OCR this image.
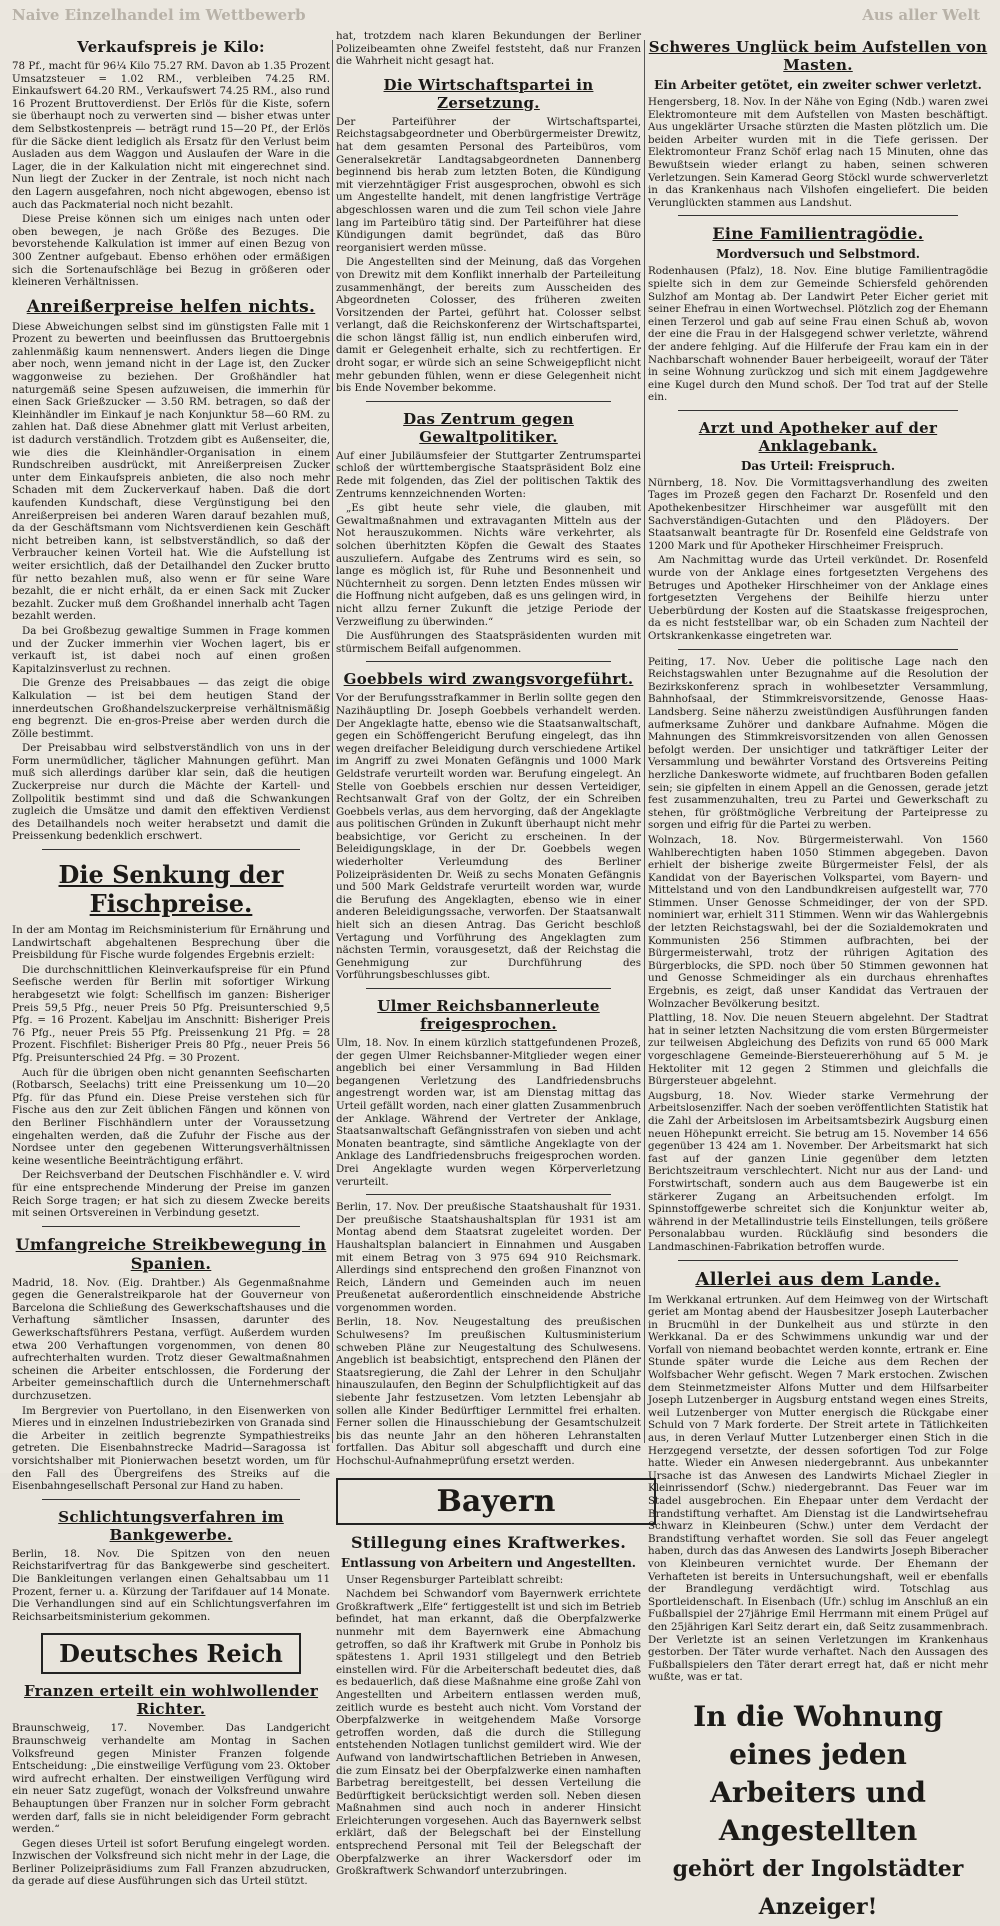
Naive Einzelhandel im Wettbewerb	Aus aller Welt
Verkaufspreis je Kilo:

78 Pf., macht für 96¼ Kilo 75.27 RM. Davon ab 1.35 Prozent Umsatzsteuer = 1.02 RM., verbleiben 74.25 RM. Einkaufswert 64.20 RM., Verkaufswert 74.25 RM., also rund 16 Prozent Bruttoverdienst. Der Erlös für die Kiste, sofern sie überhaupt noch zu verwerten sind — bisher etwas unter dem Selbstkostenpreis — beträgt rund 15—20 Pf., der Erlös für die Säcke dient lediglich als Ersatz für den Verlust beim Ausladen aus dem Waggon und Auslaufen der Ware in die Lager, die in der Kalkulation nicht mit eingerechnet sind. Nun liegt der Zucker in der Zentrale, ist noch nicht nach den Lagern ausgefahren, noch nicht abgewogen, ebenso ist auch das Packmaterial noch nicht bezahlt.

Diese Preise können sich um einiges nach unten oder oben bewegen, je nach Größe des Bezuges. Die bevorstehende Kalkulation ist immer auf einen Bezug von 300 Zentner aufgebaut. Ebenso erhöhen oder ermäßigen sich die Sortenaufschläge bei Bezug in größeren oder kleineren Verhältnissen.

Anreißerpreise helfen nichts.

Diese Abweichungen selbst sind im günstigsten Falle mit 1 Prozent zu bewerten und beeinflussen das Bruttoergebnis zahlenmäßig kaum nennenswert. Anders liegen die Dinge aber noch, wenn jemand nicht in der Lage ist, den Zucker waggonweise zu beziehen. Der Großhändler hat naturgemäß seine Spesen aufzuweisen, die immerhin für einen Sack Grießzucker — 3.50 RM. betragen, so daß der Kleinhändler im Einkauf je nach Konjunktur 58—60 RM. zu zahlen hat. Daß diese Abnehmer glatt mit Verlust arbeiten, ist dadurch verständlich. Trotzdem gibt es Außenseiter, die, wie dies die Kleinhändler-Organisation in einem Rundschreiben ausdrückt, mit Anreißerpreisen Zucker unter dem Einkaufspreis anbieten, die also noch mehr Schaden mit dem Zuckerverkauf haben. Daß die dort kaufenden Kundschaft, diese Vergünstigung bei den Anreißerpreisen bei anderen Waren darauf bezahlen muß, da der Geschäftsmann vom Nichtsverdienen kein Geschäft nicht betreiben kann, ist selbstverständlich, so daß der Verbraucher keinen Vorteil hat. Wie die Aufstellung ist weiter ersichtlich, daß der Detailhandel den Zucker brutto für netto bezahlen muß, also wenn er für seine Ware bezahlt, die er nicht erhält, da er einen Sack mit Zucker bezahlt. Zucker muß dem Großhandel innerhalb acht Tagen bezahlt werden.

Da bei Großbezug gewaltige Summen in Frage kommen und der Zucker immerhin vier Wochen lagert, bis er verkauft ist, ist dabei noch auf einen großen Kapitalzinsverlust zu rechnen.

Die Grenze des Preisabbaues — das zeigt die obige Kalkulation — ist bei dem heutigen Stand der innerdeutschen Großhandelszuckerpreise verhältnismäßig eng begrenzt. Die en-gros-Preise aber werden durch die Zölle bestimmt.

Der Preisabbau wird selbstverständlich von uns in der Form unermüdlicher, täglicher Mahnungen geführt. Man muß sich allerdings darüber klar sein, daß die heutigen Zuckerpreise nur durch die Mächte der Kartell- und Zollpolitik bestimmt sind und daß die Schwankungen zugleich die Umsätze und damit den effektiven Verdienst des Detailhandels noch weiter herabsetzt und damit die Preissenkung bedenklich erschwert.

Die Senkung der Fischpreise.

In der am Montag im Reichsministerium für Ernährung und Landwirtschaft abgehaltenen Besprechung über die Preisbildung für Fische wurde folgendes Ergebnis erzielt:

Die durchschnittlichen Kleinverkaufspreise für ein Pfund Seefische werden für Berlin mit sofortiger Wirkung herabgesetzt wie folgt: Schellfisch im ganzen: Bisheriger Preis 59,5 Pfg., neuer Preis 50 Pfg. Preisunterschied 9,5 Pfg. = 16 Prozent. Kabeljau im Anschnitt: Bisheriger Preis 76 Pfg., neuer Preis 55 Pfg. Preissenkung 21 Pfg. = 28 Prozent. Fischfilet: Bisheriger Preis 80 Pfg., neuer Preis 56 Pfg. Preisunterschied 24 Pfg. = 30 Prozent.

Auch für die übrigen oben nicht genannten Seefischarten (Rotbarsch, Seelachs) tritt eine Preissenkung um 10—20 Pfg. für das Pfund ein. Diese Preise verstehen sich für Fische aus den zur Zeit üblichen Fängen und können von den Berliner Fischhändlern unter der Voraussetzung eingehalten werden, daß die Zufuhr der Fische aus der Nordsee unter den gegebenen Witterungsverhältnissen keine wesentliche Beeinträchtigung erfährt.

Der Reichsverband der Deutschen Fischhändler e. V. wird für eine entsprechende Minderung der Preise im ganzen Reich Sorge tragen; er hat sich zu diesem Zwecke bereits mit seinen Ortsvereinen in Verbindung gesetzt.

Umfangreiche Streikbewegung in Spanien.

Madrid, 18. Nov. (Eig. Drahtber.) Als Gegenmaßnahme gegen die Generalstreikparole hat der Gouverneur von Barcelona die Schließung des Gewerkschaftshauses und die Verhaftung sämtlicher Insassen, darunter des Gewerkschaftsführers Pestana, verfügt. Außerdem wurden etwa 200 Verhaftungen vorgenommen, von denen 80 aufrechterhalten wurden. Trotz dieser Gewaltmaßnahmen scheinen die Arbeiter entschlossen, die Forderung der Arbeiter gemeinschaftlich durch die Unternehmerschaft durchzusetzen.

Im Bergrevier von Puertollano, in den Eisenwerken von Mieres und in einzelnen Industriebezirken von Granada sind die Arbeiter in zeitlich begrenzte Sympathiestreiks getreten. Die Eisenbahnstrecke Madrid—Saragossa ist vorsichtshalber mit Pionierwachen besetzt worden, um für den Fall des Übergreifens des Streiks auf die Eisenbahngesellschaft Personal zur Hand zu haben.

Schlichtungsverfahren im Bankgewerbe.

Berlin, 18. Nov. Die Spitzen von den neuen Reichstarifvertrag für das Bankgewerbe sind gescheitert. Die Bankleitungen verlangen einen Gehaltsabbau um 11 Prozent, ferner u. a. Kürzung der Tarifdauer auf 14 Monate. Die Verhandlungen sind auf ein Schlichtungsverfahren im Reichsarbeitsministerium gekommen.

Deutsches Reich
Franzen erteilt ein wohlwollender Richter.

Braunschweig, 17. November. Das Landgericht Braunschweig verhandelte am Montag in Sachen Volksfreund gegen Minister Franzen folgende Entscheidung: „Die einstweilige Verfügung vom 23. Oktober wird aufrecht erhalten. Der einstweiligen Verfügung wird ein neuer Satz zugefügt, wonach der Volksfreund unwahre Behauptungen über Franzen nur in solcher Form gebracht werden darf, falls sie in nicht beleidigender Form gebracht werden.“

Gegen dieses Urteil ist sofort Berufung eingelegt worden. Inzwischen der Volksfreund sich nicht mehr in der Lage, die Berliner Polizeipräsidiums zum Fall Franzen abzudrucken, da gerade auf diese Ausführungen sich das Urteil stützt.

hat, trotzdem nach klaren Bekundungen der Berliner Polizeibeamten ohne Zweifel feststeht, daß nur Franzen die Wahrheit nicht gesagt hat.

Die Wirtschaftspartei in Zersetzung.

Der Parteiführer der Wirtschaftspartei, Reichstagsabgeordneter und Oberbürgermeister Drewitz, hat dem gesamten Personal des Parteibüros, vom Generalsekretär Landtagsabgeordneten Dannenberg beginnend bis herab zum letzten Boten, die Kündigung mit vierzehntägiger Frist ausgesprochen, obwohl es sich um Angestellte handelt, mit denen langfristige Verträge abgeschlossen waren und die zum Teil schon viele Jahre lang im Parteibüro tätig sind. Der Parteiführer hat diese Kündigungen damit begründet, daß das Büro reorganisiert werden müsse.

Die Angestellten sind der Meinung, daß das Vorgehen von Drewitz mit dem Konflikt innerhalb der Parteileitung zusammenhängt, der bereits zum Ausscheiden des Abgeordneten Colosser, des früheren zweiten Vorsitzenden der Partei, geführt hat. Colosser selbst verlangt, daß die Reichskonferenz der Wirtschaftspartei, die schon längst fällig ist, nun endlich einberufen wird, damit er Gelegenheit erhalte, sich zu rechtfertigen. Er droht sogar, er würde sich an seine Schweigepflicht nicht mehr gebunden fühlen, wenn er diese Gelegenheit nicht bis Ende November bekomme.

Das Zentrum gegen Gewaltpolitiker.

Auf einer Jubiläumsfeier der Stuttgarter Zentrumspartei schloß der württembergische Staatspräsident Bolz eine Rede mit folgenden, das Ziel der politischen Taktik des Zentrums kennzeichnenden Worten:

„Es gibt heute sehr viele, die glauben, mit Gewaltmaßnahmen und extravaganten Mitteln aus der Not herauszukommen. Nichts wäre verkehrter, als solchen überhitzten Köpfen die Gewalt des Staates auszuliefern. Aufgabe des Zentrums wird es sein, so lange es möglich ist, für Ruhe und Besonnenheit und Nüchternheit zu sorgen. Denn letzten Endes müssen wir die Hoffnung nicht aufgeben, daß es uns gelingen wird, in nicht allzu ferner Zukunft die jetzige Periode der Verzweiflung zu überwinden.“

Die Ausführungen des Staatspräsidenten wurden mit stürmischem Beifall aufgenommen.

Goebbels wird zwangsvorgeführt.

Vor der Berufungsstrafkammer in Berlin sollte gegen den Nazihäuptling Dr. Joseph Goebbels verhandelt werden. Der Angeklagte hatte, ebenso wie die Staatsanwaltschaft, gegen ein Schöffengericht Berufung eingelegt, das ihn wegen dreifacher Beleidigung durch verschiedene Artikel im Angriff zu zwei Monaten Gefängnis und 1000 Mark Geldstrafe verurteilt worden war. Berufung eingelegt. An Stelle von Goebbels erschien nur dessen Verteidiger, Rechtsanwalt Graf von der Goltz, der ein Schreiben Goebbels verlas, aus dem hervorging, daß der Angeklagte aus politischen Gründen in Zukunft überhaupt nicht mehr beabsichtige, vor Gericht zu erscheinen. In der Beleidigungsklage, in der Dr. Goebbels wegen wiederholter Verleumdung des Berliner Polizeipräsidenten Dr. Weiß zu sechs Monaten Gefängnis und 500 Mark Geldstrafe verurteilt worden war, wurde die Berufung des Angeklagten, ebenso wie in einer anderen Beleidigungssache, verworfen. Der Staatsanwalt hielt sich an diesen Antrag. Das Gericht beschloß Vertagung und Vorführung des Angeklagten zum nächsten Termin, vorausgesetzt, daß der Reichstag die Genehmigung zur Durchführung des Vorführungsbeschlusses gibt.

Ulmer Reichsbannerleute freigesprochen.

Ulm, 18. Nov. In einem kürzlich stattgefundenen Prozeß, der gegen Ulmer Reichsbanner-Mitglieder wegen einer angeblich bei einer Versammlung in Bad Hilden begangenen Verletzung des Landfriedensbruchs angestrengt worden war, ist am Dienstag mittag das Urteil gefällt worden, nach einer glatten Zusammenbruch der Anklage. Während der Vertreter der Anklage, Staatsanwaltschaft Gefängnisstrafen von sieben und acht Monaten beantragte, sind sämtliche Angeklagte von der Anklage des Landfriedensbruchs freigesprochen worden. Drei Angeklagte wurden wegen Körperverletzung verurteilt.

Berlin, 17. Nov. Der preußische Staatshaushalt für 1931. Der preußische Staatshaushaltsplan für 1931 ist am Montag abend dem Staatsrat zugeleitet worden. Der Haushaltsplan balanciert in Einnahmen und Ausgaben mit einem Betrag von 3 975 694 910 Reichsmark. Allerdings sind entsprechend den großen Finanznot von Reich, Ländern und Gemeinden auch im neuen Preußenetat außerordentlich einschneidende Abstriche vorgenommen worden.

Berlin, 18. Nov. Neugestaltung des preußischen Schulwesens? Im preußischen Kultusministerium schweben Pläne zur Neugestaltung des Schulwesens. Angeblich ist beabsichtigt, entsprechend den Plänen der Staatsregierung, die Zahl der Lehrer in den Schuljahr hinauszulaufen, den Beginn der Schulpflichtigkeit auf das siebente Jahr festzusetzen. Vom letzten Lebensjahr ab sollen alle Kinder Bedürftiger Lernmittel frei erhalten. Ferner sollen die Hinausschiebung der Gesamtschulzeit bis das neunte Jahr an den höheren Lehranstalten fortfallen. Das Abitur soll abgeschafft und durch eine Hochschul-Aufnahmeprüfung ersetzt werden.

Bayern
Stillegung eines Kraftwerkes.
Entlassung von Arbeitern und Angestellten.

Unser Regensburger Parteiblatt schreibt:

Nachdem bei Schwandorf vom Bayernwerk errichtete Großkraftwerk „Elfe“ fertiggestellt ist und sich im Betrieb befindet, hat man erkannt, daß die Oberpfalzwerke nunmehr mit dem Bayernwerk eine Abmachung getroffen, so daß ihr Kraftwerk mit Grube in Ponholz bis spätestens 1. April 1931 stillgelegt und den Betrieb einstellen wird. Für die Arbeiterschaft bedeutet dies, daß es bedauerlich, daß diese Maßnahme eine große Zahl von Angestellten und Arbeitern entlassen werden muß, zeitlich wurde es besteht auch nicht. Vom Vorstand der Oberpfalzwerke in weitgehendem Maße Vorsorge getroffen worden, daß die durch die Stillegung entstehenden Notlagen tunlichst gemildert wird. Wie der Aufwand von landwirtschaftlichen Betrieben in Anwesen, die zum Einsatz bei der Oberpfalzwerke einen namhaften Barbetrag bereitgestellt, bei dessen Verteilung die Bedürftigkeit berücksichtigt werden soll. Neben diesen Maßnahmen sind auch noch in anderer Hinsicht Erleichterungen vorgesehen. Auch das Bayernwerk selbst erklärt, daß der Belegschaft bei der Einstellung entsprechend Personal mit Teil der Belegschaft der Oberpfalzwerke an ihrer Wackersdorf oder im Großkraftwerk Schwandorf unterzubringen.

Schweres Unglück beim Aufstellen von Masten.
Ein Arbeiter getötet, ein zweiter schwer verletzt.

Hengersberg, 18. Nov. In der Nähe von Eging (Ndb.) waren zwei Elektromonteure mit dem Aufstellen von Masten beschäftigt. Aus ungeklärter Ursache stürzten die Masten plötzlich um. Die beiden Arbeiter wurden mit in die Tiefe gerissen. Der Elektromonteur Franz Schöf erlag nach 15 Minuten, ohne das Bewußtsein wieder erlangt zu haben, seinen schweren Verletzungen. Sein Kamerad Georg Stöckl wurde schwerverletzt in das Krankenhaus nach Vilshofen eingeliefert. Die beiden Verunglückten stammen aus Landshut.

Eine Familientragödie.
Mordversuch und Selbstmord.

Rodenhausen (Pfalz), 18. Nov. Eine blutige Familientragödie spielte sich in dem zur Gemeinde Schiersfeld gehörenden Sulzhof am Montag ab. Der Landwirt Peter Eicher geriet mit seiner Ehefrau in einen Wortwechsel. Plötzlich zog der Ehemann einen Terzerol und gab auf seine Frau einen Schuß ab, wovon der eine die Frau in der Halsgegend schwer verletzte, während der andere fehlging. Auf die Hilferufe der Frau kam ein in der Nachbarschaft wohnender Bauer herbeigeeilt, worauf der Täter in seine Wohnung zurückzog und sich mit einem Jagdgewehre eine Kugel durch den Mund schoß. Der Tod trat auf der Stelle ein.

Arzt und Apotheker auf der Anklagebank.
Das Urteil: Freispruch.

Nürnberg, 18. Nov. Die Vormittagsverhandlung des zweiten Tages im Prozeß gegen den Facharzt Dr. Rosenfeld und den Apothekenbesitzer Hirschheimer war ausgefüllt mit den Sachverständigen-Gutachten und den Plädoyers. Der Staatsanwalt beantragte für Dr. Rosenfeld eine Geldstrafe von 1200 Mark und für Apotheker Hirschheimer Freispruch.

Am Nachmittag wurde das Urteil verkündet. Dr. Rosenfeld wurde von der Anklage eines fortgesetzten Vergehens des Betruges und Apotheker Hirschheimer von der Anklage eines fortgesetzten Vergehens der Beihilfe hierzu unter Ueberbürdung der Kosten auf die Staatskasse freigesprochen, da es nicht feststellbar war, ob ein Schaden zum Nachteil der Ortskrankenkasse eingetreten war.

Peiting, 17. Nov. Ueber die politische Lage nach den Reichstagswahlen unter Bezugnahme auf die Resolution der Bezirkskonferenz sprach in wohlbesetzter Versammlung, Bahnhofsaal, der Stimmkreisvorsitzende, Genosse Haas-Landsberg. Seine näherzu zweistündigen Ausführungen fanden aufmerksame Zuhörer und dankbare Aufnahme. Mögen die Mahnungen des Stimmkreisvorsitzenden von allen Genossen befolgt werden. Der unsichtiger und tatkräftiger Leiter der Versammlung und bewährter Vorstand des Ortsvereins Peiting herzliche Dankesworte widmete, auf fruchtbaren Boden gefallen sein; sie gipfelten in einem Appell an die Genossen, gerade jetzt fest zusammenzuhalten, treu zu Partei und Gewerkschaft zu stehen, für größtmögliche Verbreitung der Parteipresse zu sorgen und eifrig für die Partei zu werben.

Wolnzach, 18. Nov. Bürgermeisterwahl. Von 1560 Wahlberechtigten haben 1050 Stimmen abgegeben. Davon erhielt der bisherige zweite Bürgermeister Felsl, der als Kandidat von der Bayerischen Volkspartei, vom Bayern- und Mittelstand und von den Landbundkreisen aufgestellt war, 770 Stimmen. Unser Genosse Schmeidinger, der von der SPD. nominiert war, erhielt 311 Stimmen. Wenn wir das Wahlergebnis der letzten Reichstagswahl, bei der die Sozialdemokraten und Kommunisten 256 Stimmen aufbrachten, bei der Bürgermeisterwahl, trotz der rührigen Agitation des Bürgerblocks, die SPD. noch über 50 Stimmen gewonnen hat und Genosse Schmeidinger als ein durchaus ehrenhaftes Ergebnis, es zeigt, daß unser Kandidat das Vertrauen der Wolnzacher Bevölkerung besitzt.

Plattling, 18. Nov. Die neuen Steuern abgelehnt. Der Stadtrat hat in seiner letzten Nachsitzung die vom ersten Bürgermeister zur teilweisen Abgleichung des Defizits von rund 65 000 Mark vorgeschlagene Gemeinde-Biersteuererhöhung auf 5 M. je Hektoliter mit 12 gegen 2 Stimmen und gleichfalls die Bürgersteuer abgelehnt.

Augsburg, 18. Nov. Wieder starke Vermehrung der Arbeitslosenziffer. Nach der soeben veröffentlichten Statistik hat die Zahl der Arbeitslosen im Arbeitsamtsbezirk Augsburg einen neuen Höhepunkt erreicht. Sie betrug am 15. November 14 656 gegenüber 13 424 am 1. November. Der Arbeitsmarkt hat sich fast auf der ganzen Linie gegenüber dem letzten Berichtszeitraum verschlechtert. Nicht nur aus der Land- und Forstwirtschaft, sondern auch aus dem Baugewerbe ist ein stärkerer Zugang an Arbeitsuchenden erfolgt. Im Spinnstoffgewerbe schreitet sich die Konjunktur weiter ab, während in der Metallindustrie teils Einstellungen, teils größere Personalabbau wurden. Rückläufig sind besonders die Landmaschinen-Fabrikation betroffen wurde.

Allerlei aus dem Lande.

Im Werkkanal ertrunken. Auf dem Heimweg von der Wirtschaft geriet am Montag abend der Hausbesitzer Joseph Lauterbacher in Brucmühl in der Dunkelheit aus und stürzte in den Werkkanal. Da er des Schwimmens unkundig war und der Vorfall von niemand beobachtet werden konnte, ertrank er. Eine Stunde später wurde die Leiche aus dem Rechen der Wolfsbacher Wehr gefischt. Wegen 7 Mark erstochen. Zwischen dem Steinmetzmeister Alfons Mutter und dem Hilfsarbeiter Joseph Lutzenberger in Augsburg entstand wegen eines Streits, weil Lutzenberger von Mutter energisch die Rückgabe einer Schuld von 7 Mark forderte. Der Streit artete in Tätlichkeiten aus, in deren Verlauf Mutter Lutzenberger einen Stich in die Herzgegend versetzte, der dessen sofortigen Tod zur Folge hatte. Wieder ein Anwesen niedergebrannt. Aus unbekannter Ursache ist das Anwesen des Landwirts Michael Ziegler in Kleinrissendorf (Schw.) niedergebrannt. Das Feuer war im Stadel ausgebrochen. Ein Ehepaar unter dem Verdacht der Brandstiftung verhaftet. Am Dienstag ist die Landwirtsehefrau Schwarz in Kleinbeuren (Schw.) unter dem Verdacht der Brandstiftung verhaftet worden. Sie soll das Feuer angelegt haben, durch das das Anwesen des Landwirts Joseph Biberacher von Kleinbeuren vernichtet wurde. Der Ehemann der Verhafteten ist bereits in Untersuchungshaft, weil er ebenfalls der Brandlegung verdächtigt wird. Totschlag aus Sportleidenschaft. In Eisenbach (Ufr.) schlug im Anschluß an ein Fußballspiel der 27jährige Emil Herrmann mit einem Prügel auf den 25jährigen Karl Seitz derart ein, daß Seitz zusammenbrach. Der Verletzte ist an seinen Verletzungen im Krankenhaus gestorben. Der Täter wurde verhaftet. Nach den Aussagen des Fußballspielers den Täter derart erregt hat, daß er nicht mehr wußte, was er tat.

In die Wohnung eines jeden
Arbeiters und Angestellten
gehört der Ingolstädter Anzeiger!
